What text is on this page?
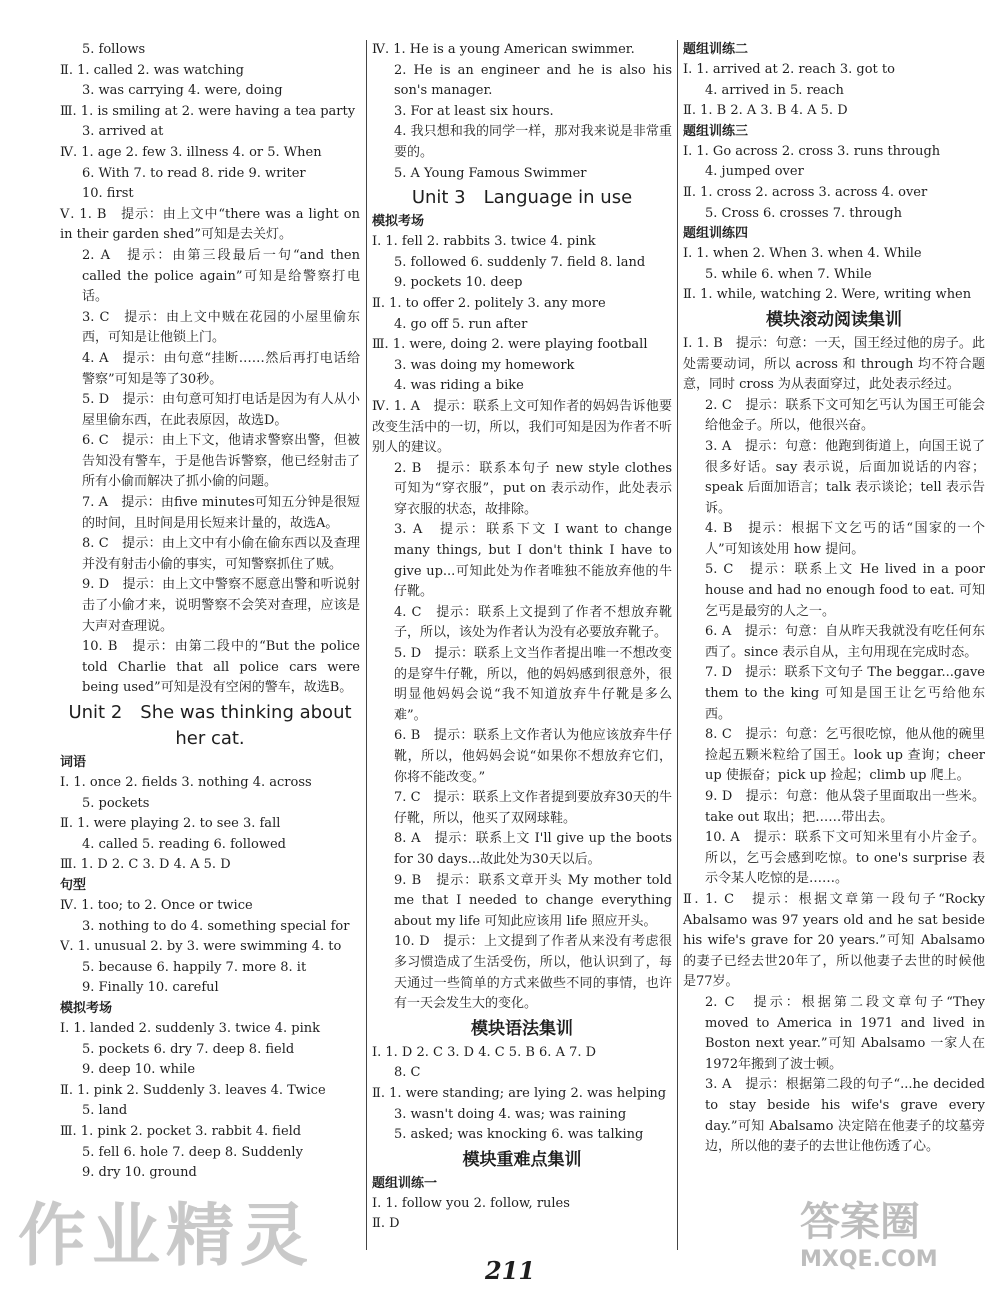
5. follows
Ⅱ. 1. called 2. was watching
3. was carrying 4. were, doing
Ⅲ. 1. is smiling at 2. were having a tea party
3. arrived at
Ⅳ. 1. age 2. few 3. illness 4. or 5. When
6. With 7. to read 8. ride 9. writer
10. first
Ⅴ. 1. B　提示：由上文中“there was a light on in their garden shed”可知是去关灯。
2. A　提示：由第三段最后一句“and then called the police again”可知是给警察打电话。
3. C　提示：由上文中贼在花园的小屋里偷东西，可知是让他锁上门。
4. A　提示：由句意“挂断……然后再打电话给警察”可知是等了30秒。
5. D　提示：由句意可知打电话是因为有人从小屋里偷东西，在此表原因，故选D。
6. C　提示：由上下文，他请求警察出警，但被告知没有警车，于是他告诉警察，他已经射击了所有小偷而解决了抓小偷的问题。
7. A　提示：由five minutes可知五分钟是很短的时间，且时间是用长短来计量的，故选A。
8. C　提示：由上文中有小偷在偷东西以及查理并没有射击小偷的事实，可知警察抓住了贼。
9. D　提示：由上文中警察不愿意出警和听说射击了小偷才来，说明警察不会笑对查理，应该是大声对查理说。
10. B　提示：由第二段中的“But the police told Charlie that all police cars were being used”可知是没有空闲的警车，故选B。
Unit 2　She was thinking about
her cat.
词语
Ⅰ. 1. once 2. fields 3. nothing 4. across
5. pockets
Ⅱ. 1. were playing 2. to see 3. fall
4. called 5. reading 6. followed
Ⅲ. 1. D 2. C 3. D 4. A 5. D
句型
Ⅳ. 1. too; to 2. Once or twice
3. nothing to do 4. something special for
Ⅴ. 1. unusual 2. by 3. were swimming 4. to
5. because 6. happily 7. more 8. it
9. Finally 10. careful
模拟考场
Ⅰ. 1. landed 2. suddenly 3. twice 4. pink
5. pockets 6. dry 7. deep 8. field
9. deep 10. while
Ⅱ. 1. pink 2. Suddenly 3. leaves 4. Twice
5. land
Ⅲ. 1. pink 2. pocket 3. rabbit 4. field
5. fell 6. hole 7. deep 8. Suddenly
9. dry 10. ground
Ⅳ. 1. He is a young American swimmer.
2. He is an engineer and he is also his son's manager.
3. For at least six hours.
4. 我只想和我的同学一样，那对我来说是非常重要的。
5. A Young Famous Swimmer
Unit 3　Language in use
模拟考场
Ⅰ. 1. fell 2. rabbits 3. twice 4. pink
5. followed 6. suddenly 7. field 8. land
9. pockets 10. deep
Ⅱ. 1. to offer 2. politely 3. any more
4. go off 5. run after
Ⅲ. 1. were, doing 2. were playing football
3. was doing my homework
4. was riding a bike
Ⅳ. 1. A　提示：联系上文可知作者的妈妈告诉他要改变生活中的一切，所以，我们可知是因为作者不听别人的建议。
2. B　提示：联系本句子 new style clothes 可知为“穿衣服”，put on 表示动作，此处表示穿衣服的状态，故排除。
3. A　提示：联系下文 I want to change many things, but I don't think I have to give up...可知此处为作者唯独不能放弃他的牛仔靴。
4. C　提示：联系上文提到了作者不想放弃靴子，所以，该处为作者认为没有必要放弃靴子。
5. D　提示：联系上文当作者提出唯一不想改变的是穿牛仔靴，所以，他的妈妈感到很意外，很明显他妈妈会说“我不知道放弃牛仔靴是多么难”。
6. B　提示：联系上文作者认为他应该放弃牛仔靴，所以，他妈妈会说“如果你不想放弃它们，你将不能改变。”
7. C　提示：联系上文作者提到要放弃30天的牛仔靴，所以，他买了双网球鞋。
8. A　提示：联系上文 I'll give up the boots for 30 days...故此处为30天以后。
9. B　提示：联系文章开头 My mother told me that I needed to change everything about my life 可知此应该用 life 照应开头。
10. D　提示：上文提到了作者从来没有考虑很多习惯造成了生活受伤，所以，他认识到了，每天通过一些简单的方式来做些不同的事情，也许有一天会发生大的变化。
模块语法集训
Ⅰ. 1. D 2. C 3. D 4. C 5. B 6. A 7. D
8. C
Ⅱ. 1. were standing; are lying 2. was helping
3. wasn't doing 4. was; was raining
5. asked; was knocking 6. was talking
模块重难点集训
题组训练一
Ⅰ. 1. follow you 2. follow, rules
Ⅱ. D
题组训练二
Ⅰ. 1. arrived at 2. reach 3. got to
4. arrived in 5. reach
Ⅱ. 1. B 2. A 3. B 4. A 5. D
题组训练三
Ⅰ. 1. Go across 2. cross 3. runs through
4. jumped over
Ⅱ. 1. cross 2. across 3. across 4. over
5. Cross 6. crosses 7. through
题组训练四
Ⅰ. 1. when 2. When 3. when 4. While
5. while 6. when 7. While
Ⅱ. 1. while, watching 2. Were, writing when
模块滚动阅读集训
Ⅰ. 1. B　提示：句意：一天，国王经过他的房子。此处需要动词，所以 across 和 through 均不符合题意，同时 cross 为从表面穿过，此处表示经过。
2. C　提示：联系下文可知乞丐认为国王可能会给他金子。所以，他很兴奋。
3. A　提示：句意：他跑到街道上，向国王说了很多好话。say 表示说，后面加说话的内容；speak 后面加语言；talk 表示谈论；tell 表示告诉。
4. B　提示：根据下文乞丐的话“国家的一个人”可知该处用 how 提问。
5. C　提示：联系上文 He lived in a poor house and had no enough food to eat. 可知乞丐是最穷的人之一。
6. A　提示：句意：自从昨天我就没有吃任何东西了。since 表示自从，主句用现在完成时态。
7. D　提示：联系下文句子 The beggar...gave them to the king 可知是国王让乞丐给他东西。
8. C　提示：句意：乞丐很吃惊，他从他的碗里捡起五颗米粒给了国王。look up 查询；cheer up 使振奋；pick up 捡起；climb up 爬上。
9. D　提示：句意：他从袋子里面取出一些米。take out 取出；把……带出去。
10. A　提示：联系下文可知米里有小片金子。所以，乞丐会感到吃惊。to one's surprise 表示令某人吃惊的是……。
Ⅱ. 1. C　提示：根据文章第一段句子“Rocky Abalsamo was 97 years old and he sat beside his wife's grave for 20 years.”可知 Abalsamo 的妻子已经去世20年了，所以他妻子去世的时候他是77岁。
2. C　提示：根据第二段文章句子“They moved to America in 1971 and lived in Boston next year.”可知 Abalsamo 一家人在1972年搬到了波士顿。
3. A　提示：根据第二段的句子“...he decided to stay beside his wife's grave every day.”可知 Abalsamo 决定陪在他妻子的坟墓旁边，所以他的妻子的去世让他伤透了心。
211
作业精灵	答案圈
MXQE.COM
